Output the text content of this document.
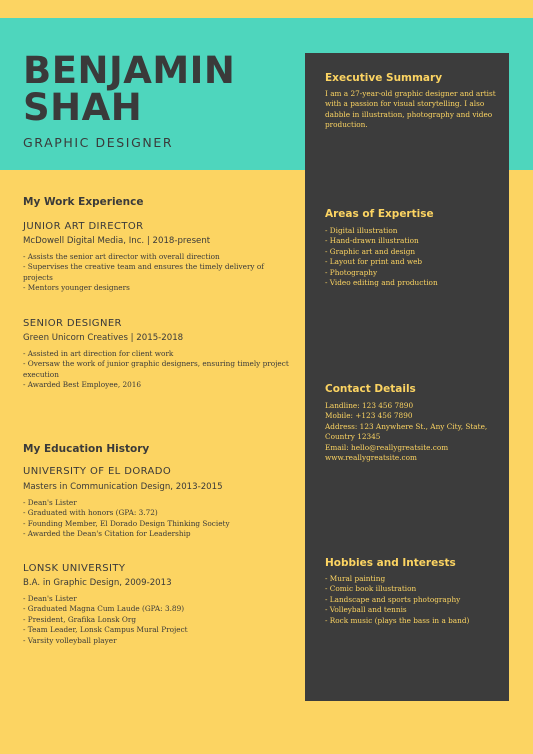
BENJAMIN
SHAH
GRAPHIC DESIGNER
Executive Summary
I am a 27-year-old graphic designer and artist with a passion for visual storytelling. I also dabble in illustration, photography and video production.
Areas of Expertise
- Digital illustration
- Hand-drawn illustration
- Graphic art and design
- Layout for print and web
- Photography
- Video editing and production
Contact Details
Landline: 123 456 7890
Mobile: +123 456 7890
Address: 123 Anywhere St., Any City, State,
Country 12345
Email: hello@reallygreatsite.com
www.reallygreatsite.com
Hobbies and Interests
- Mural painting
- Comic book illustration
- Landscape and sports photography
- Volleyball and tennis
- Rock music (plays the bass in a band)
My Work Experience
JUNIOR ART DIRECTOR
McDowell Digital Media, Inc. | 2018-present
- Assists the senior art director with overall direction
- Supervises the creative team and ensures the timely delivery of projects
- Mentors younger designers
SENIOR DESIGNER
Green Unicorn Creatives | 2015-2018
- Assisted in art direction for client work
- Oversaw the work of junior graphic designers, ensuring timely project execution
- Awarded Best Employee, 2016
My Education History
UNIVERSITY OF EL DORADO
Masters in Communication Design, 2013-2015
- Dean's Lister
- Graduated with honors (GPA: 3.72)
- Founding Member, El Dorado Design Thinking Society
- Awarded the Dean's Citation for Leadership
LONSK UNIVERSITY
B.A. in Graphic Design, 2009-2013
- Dean's Lister
- Graduated Magna Cum Laude (GPA: 3.89)
- President, Grafika Lonsk Org
- Team Leader, Lonsk Campus Mural Project
- Varsity volleyball player
